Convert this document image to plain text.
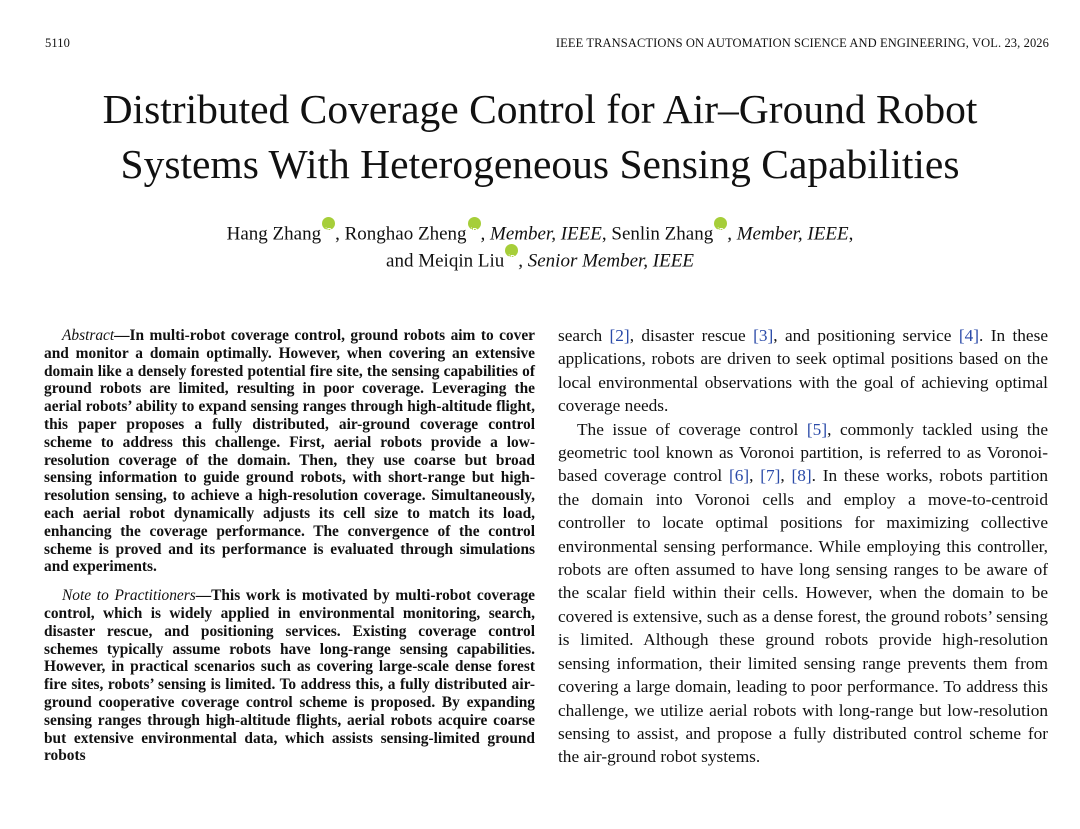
5110	IEEE TRANSACTIONS ON AUTOMATION SCIENCE AND ENGINEERING, VOL. 23, 2026
Distributed Coverage Control for Air–Ground Robot
Systems With Heterogeneous Sensing Capabilities
Hang Zhang , Ronghao Zheng , Member, IEEE, Senlin Zhang , Member, IEEE,
and Meiqin Liu , Senior Member, IEEE

Abstract—In multi-robot coverage control, ground robots aim to cover and monitor a domain optimally. However, when covering an extensive domain like a densely forested potential fire site, the sensing capabilities of ground robots are limited, resulting in poor coverage. Leveraging the aerial robots’ ability to expand sensing ranges through high-altitude flight, this paper proposes a fully distributed, air-ground coverage control scheme to address this challenge. First, aerial robots provide a low-resolution coverage of the domain. Then, they use coarse but broad sensing information to guide ground robots, with short-range but high-resolution sensing, to achieve a high-resolution coverage. Simultaneously, each aerial robot dynamically adjusts its cell size to match its load, enhancing the coverage performance. The convergence of the control scheme is proved and its performance is evaluated through simulations and experiments.

Note to Practitioners—This work is motivated by multi-robot coverage control, which is widely applied in environmental monitoring, search, disaster rescue, and positioning services. Existing coverage control schemes typically assume robots have long-range sensing capabilities. However, in practical scenarios such as covering large-scale dense forest fire sites, robots’ sensing is limited. To address this, a fully distributed air-ground cooperative coverage control scheme is proposed. By expanding sensing ranges through high-altitude flights, aerial robots acquire coarse but extensive environmental data, which assists sensing-limited ground robots

search [2], disaster rescue [3], and positioning service [4]. In these applications, robots are driven to seek optimal positions based on the local environmental observations with the goal of achieving optimal coverage needs.

The issue of coverage control [5], commonly tackled using the geometric tool known as Voronoi partition, is referred to as Voronoi-based coverage control [6], [7], [8]. In these works, robots partition the domain into Voronoi cells and employ a move-to-centroid controller to locate optimal positions for maximizing collective environmental sensing performance. While employing this controller, robots are often assumed to have long sensing ranges to be aware of the scalar field within their cells. However, when the domain to be covered is extensive, such as a dense forest, the ground robots’ sensing is limited. Although these ground robots provide high-resolution sensing information, their limited sensing range prevents them from covering a large domain, leading to poor performance. To address this challenge, we utilize aerial robots with long-range but low-resolution sensing to assist, and propose a fully distributed control scheme for the air-ground robot systems.
